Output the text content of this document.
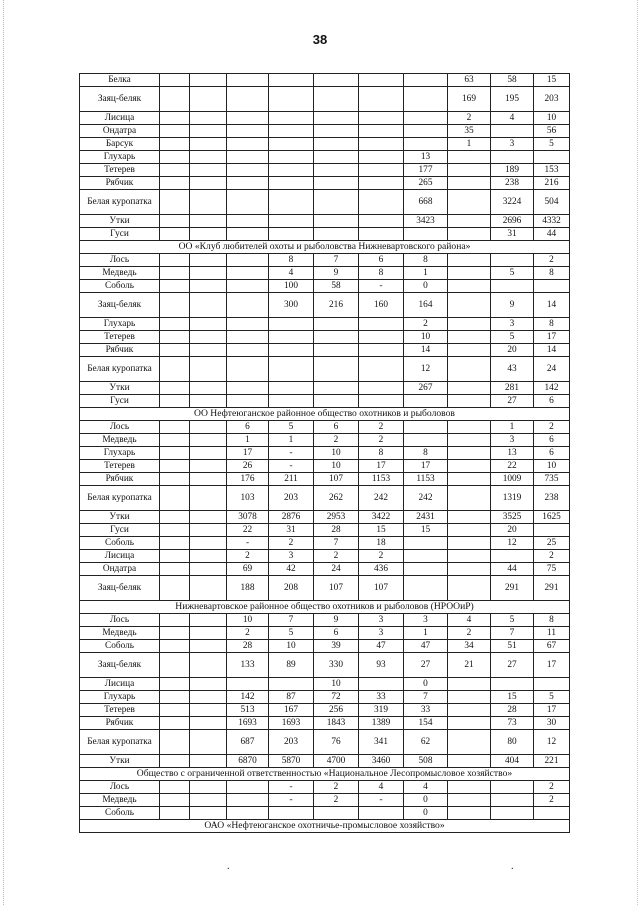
38
Белка								63	58	15
Заяц-беляк								169	195	203
Лисица								2	4	10
Ондатра								35		56
Барсук								1	3	5
Глухарь							13			
Тетерев							177		189	153
Рябчик							265		238	216
Белая куропатка							668		3224	504
Утки							3423		2696	4332
Гуси									31	44
ОО «Клуб любителей охоты и рыболовства Нижневартовского района»										
Лось				8	7	6	8			2
Медведь				4	9	8	1		5	8
Соболь				100	58	-	0			
Заяц-беляк				300	216	160	164		9	14
Глухарь							2		3	8
Тетерев							10		5	17
Рябчик							14		20	14
Белая куропатка							12		43	24
Утки							267		281	142
Гуси									27	6
ОО Нефтеюганское районное общество охотников и рыболовов										
Лось			6	5	6	2			1	2
Медведь			1	1	2	2			3	6
Глухарь			17	-	10	8	8		13	6
Тетерев			26	-	10	17	17		22	10
Рябчик			176	211	107	1153	1153		1009	735
Белая куропатка			103	203	262	242	242		1319	238
Утки			3078	2876	2953	3422	2431		3525	1625
Гуси			22	31	28	15	15		20	
Соболь			-	2	7	18			12	25
Лисица			2	3	2	2				2
Ондатра			69	42	24	436			44	75
Заяц-беляк			188	208	107	107			291	291
Нижневартовское районное общество охотников и рыболовов (НРООиР)										
Лось			10	7	9	3	3	4	5	8
Медведь			2	5	6	3	1	2	7	11
Соболь			28	10	39	47	47	34	51	67
Заяц-беляк			133	89	330	93	27	21	27	17
Лисица					10		0			
Глухарь			142	87	72	33	7		15	5
Тетерев			513	167	256	319	33		28	17
Рябчик			1693	1693	1843	1389	154		73	30
Белая куропатка			687	203	76	341	62		80	12
Утки			6870	5870	4700	3460	508		404	221
Общество с ограниченной ответственностью «Национальное Лесопромысловое хозяйство»										
Лось				-	2	4	4			2
Медведь				-	2	-	0			2
Соболь							0			
ОАО «Нефтеюганское охотничье-промысловое хозяйство»										
.	.
